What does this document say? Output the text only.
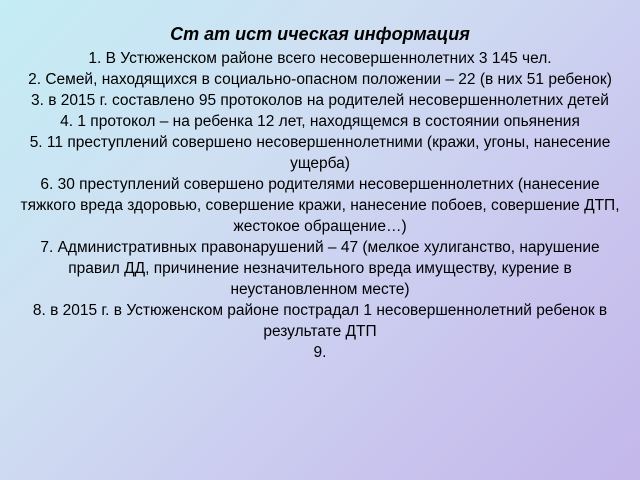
Ст ат ист ическая информация
1. В Устюженском районе всего несовершеннолетних 3 145 чел.
2. Семей, находящихся в социально-опасном положении – 22 (в них 51 ребенок)
3. в 2015 г. составлено 95 протоколов на родителей несовершеннолетних детей
4. 1 протокол – на ребенка 12 лет, находящемся в состоянии опьянения
5. 11 преступлений совершено несовершеннолетними (кражи, угоны, нанесение ущерба)
6. 30 преступлений совершено родителями несовершеннолетних (нанесение тяжкого вреда здоровью, совершение кражи, нанесение побоев, совершение ДТП, жестокое обращение…)
7. Административных правонарушений – 47 (мелкое хулиганство, нарушение правил ДД, причинение незначительного вреда имуществу, курение в неустановленном месте)
8. в 2015 г. в Устюженском районе пострадал 1 несовершеннолетний ребенок в результате ДТП
9.
